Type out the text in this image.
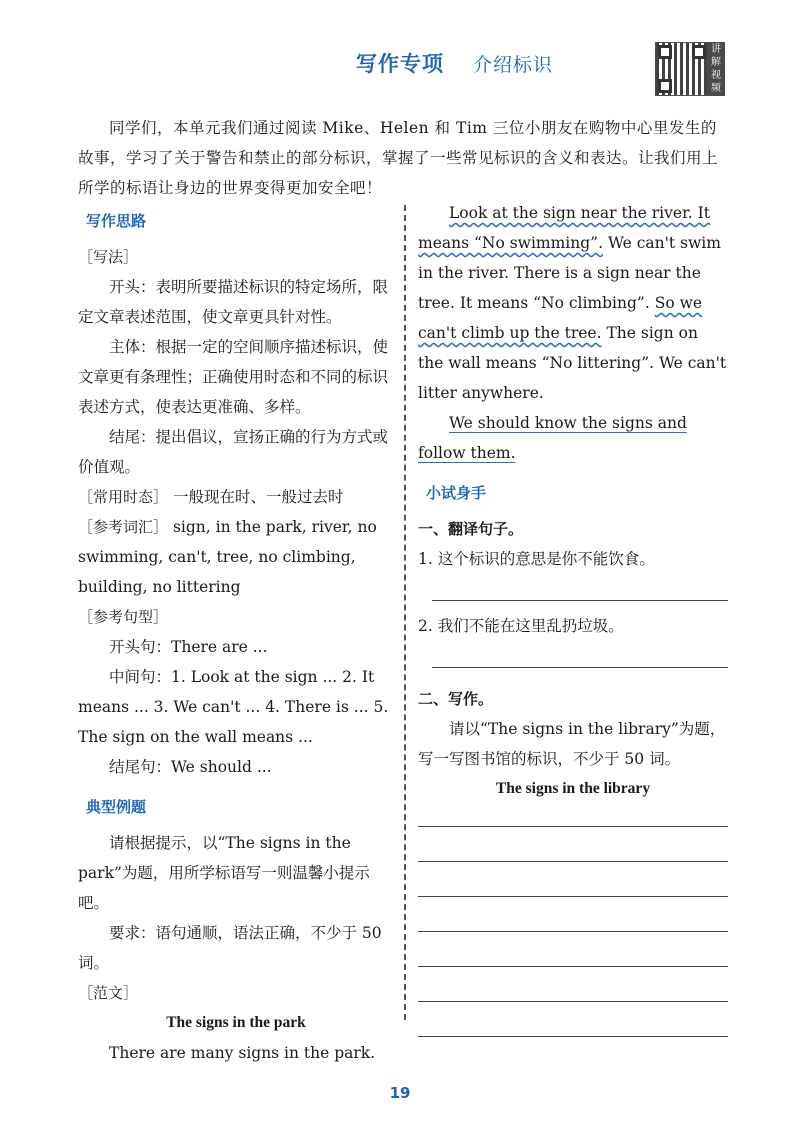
写作专项 介绍标识
讲解视频
同学们，本单元我们通过阅读 Mike、Helen 和 Tim 三位小朋友在购物中心里发生的故事，学习了关于警告和禁止的部分标识，掌握了一些常见标识的含义和表达。让我们用上所学的标语让身边的世界变得更加安全吧！
写作思路

［写法］

开头：表明所要描述标识的特定场所，限定文章表述范围，使文章更具针对性。

主体：根据一定的空间顺序描述标识，使文章更有条理性；正确使用时态和不同的标识表述方式，使表达更准确、多样。

结尾：提出倡议，宣扬正确的行为方式或价值观。

［常用时态］ 一般现在时、一般过去时

［参考词汇］ sign, in the park, river, no swimming, can't, tree, no climbing, building, no littering

［参考句型］

开头句：There are ...

中间句：1. Look at the sign ... 2. It means ... 3. We can't ... 4. There is ... 5. The sign on the wall means ...

结尾句：We should ...

典型例题

请根据提示，以“The signs in the park”为题，用所学标语写一则温馨小提示吧。

要求：语句通顺，语法正确，不少于 50 词。

［范文］

The signs in the park

There are many signs in the park.

Look at the sign near the river. It means “No swimming”. We can't swim in the river. There is a sign near the tree. It means “No climbing”. So we can't climb up the tree. The sign on the wall means “No littering”. We can't litter anywhere.

We should know the signs and follow them.

小试身手

一、翻译句子。

1. 这个标识的意思是你不能饮食。

2. 我们不能在这里乱扔垃圾。

二、写作。

请以“The signs in the library”为题，写一写图书馆的标识，不少于 50 词。

The signs in the library

19
